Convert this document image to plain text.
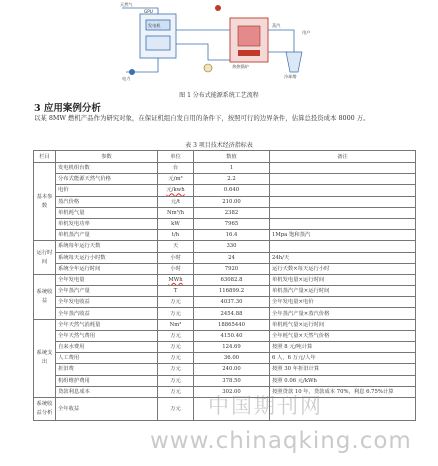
天然气
GPU
发电机
电力
余热锅炉
蒸汽
冷却塔
用户
图 1 分布式能源系统工艺流程
3 应用案例分析
以某 8MW 燃机产品作为研究对象，在保证机组自发自用的条件下，按照可行的边界条件，估算总投资成本 8000 万。
表 3 项目技术经济指标表
栏目	参数	单位	数值	备注
基本参数	发电机组台数	台	1	
	分布式能源天然气价格	元/m³	2.2	
	电价	元/kwh	0.640	
	蒸汽价格	元/t	210.00	
	单机耗气量	Nm³/h	2382	
	单机发电功率	kW	7965	
	单机蒸汽产量	t/h	16.4	1Mpa 饱和蒸汽
运行时间	系统每年运行天数	天	330	
	系统每天运行小时数	小时	24	24h/天
	系统全年运行时间	小时	7920	运行天数×每天运行小时
系统收益	全年发电量	MWh	63082.8	单机发电量×运行时间
	全年蒸汽产量	T	116899.2	单机蒸汽产量×运行时间
	全年发电收益	万元	4037.30	全年发电量×电价
	全年蒸汽收益	万元	2454.88	全年蒸汽产量×蒸汽价格
系统支出	全年天然气消耗量	Nm³	18865440	单机耗气量×运行时间
	全年天然气费用	万元	4150.40	全年耗气量×天然气价格
	自来水费用	万元	124.69	按照 8 元/吨计算
	人工费用	万元	36.00	6 人，6 万元/人年
	折旧费	万元	240.00	按照 30 年折旧计算
	机组维护费用	万元	378.50	按照 0.06 元/kWh
	贷款利息成本	万元	302.00	按照贷款 10 年，贷款成本 70%，利息 6.75%计算
系统收益分析	全年收益	万元		中国期刊网
www.chinaqking.com
